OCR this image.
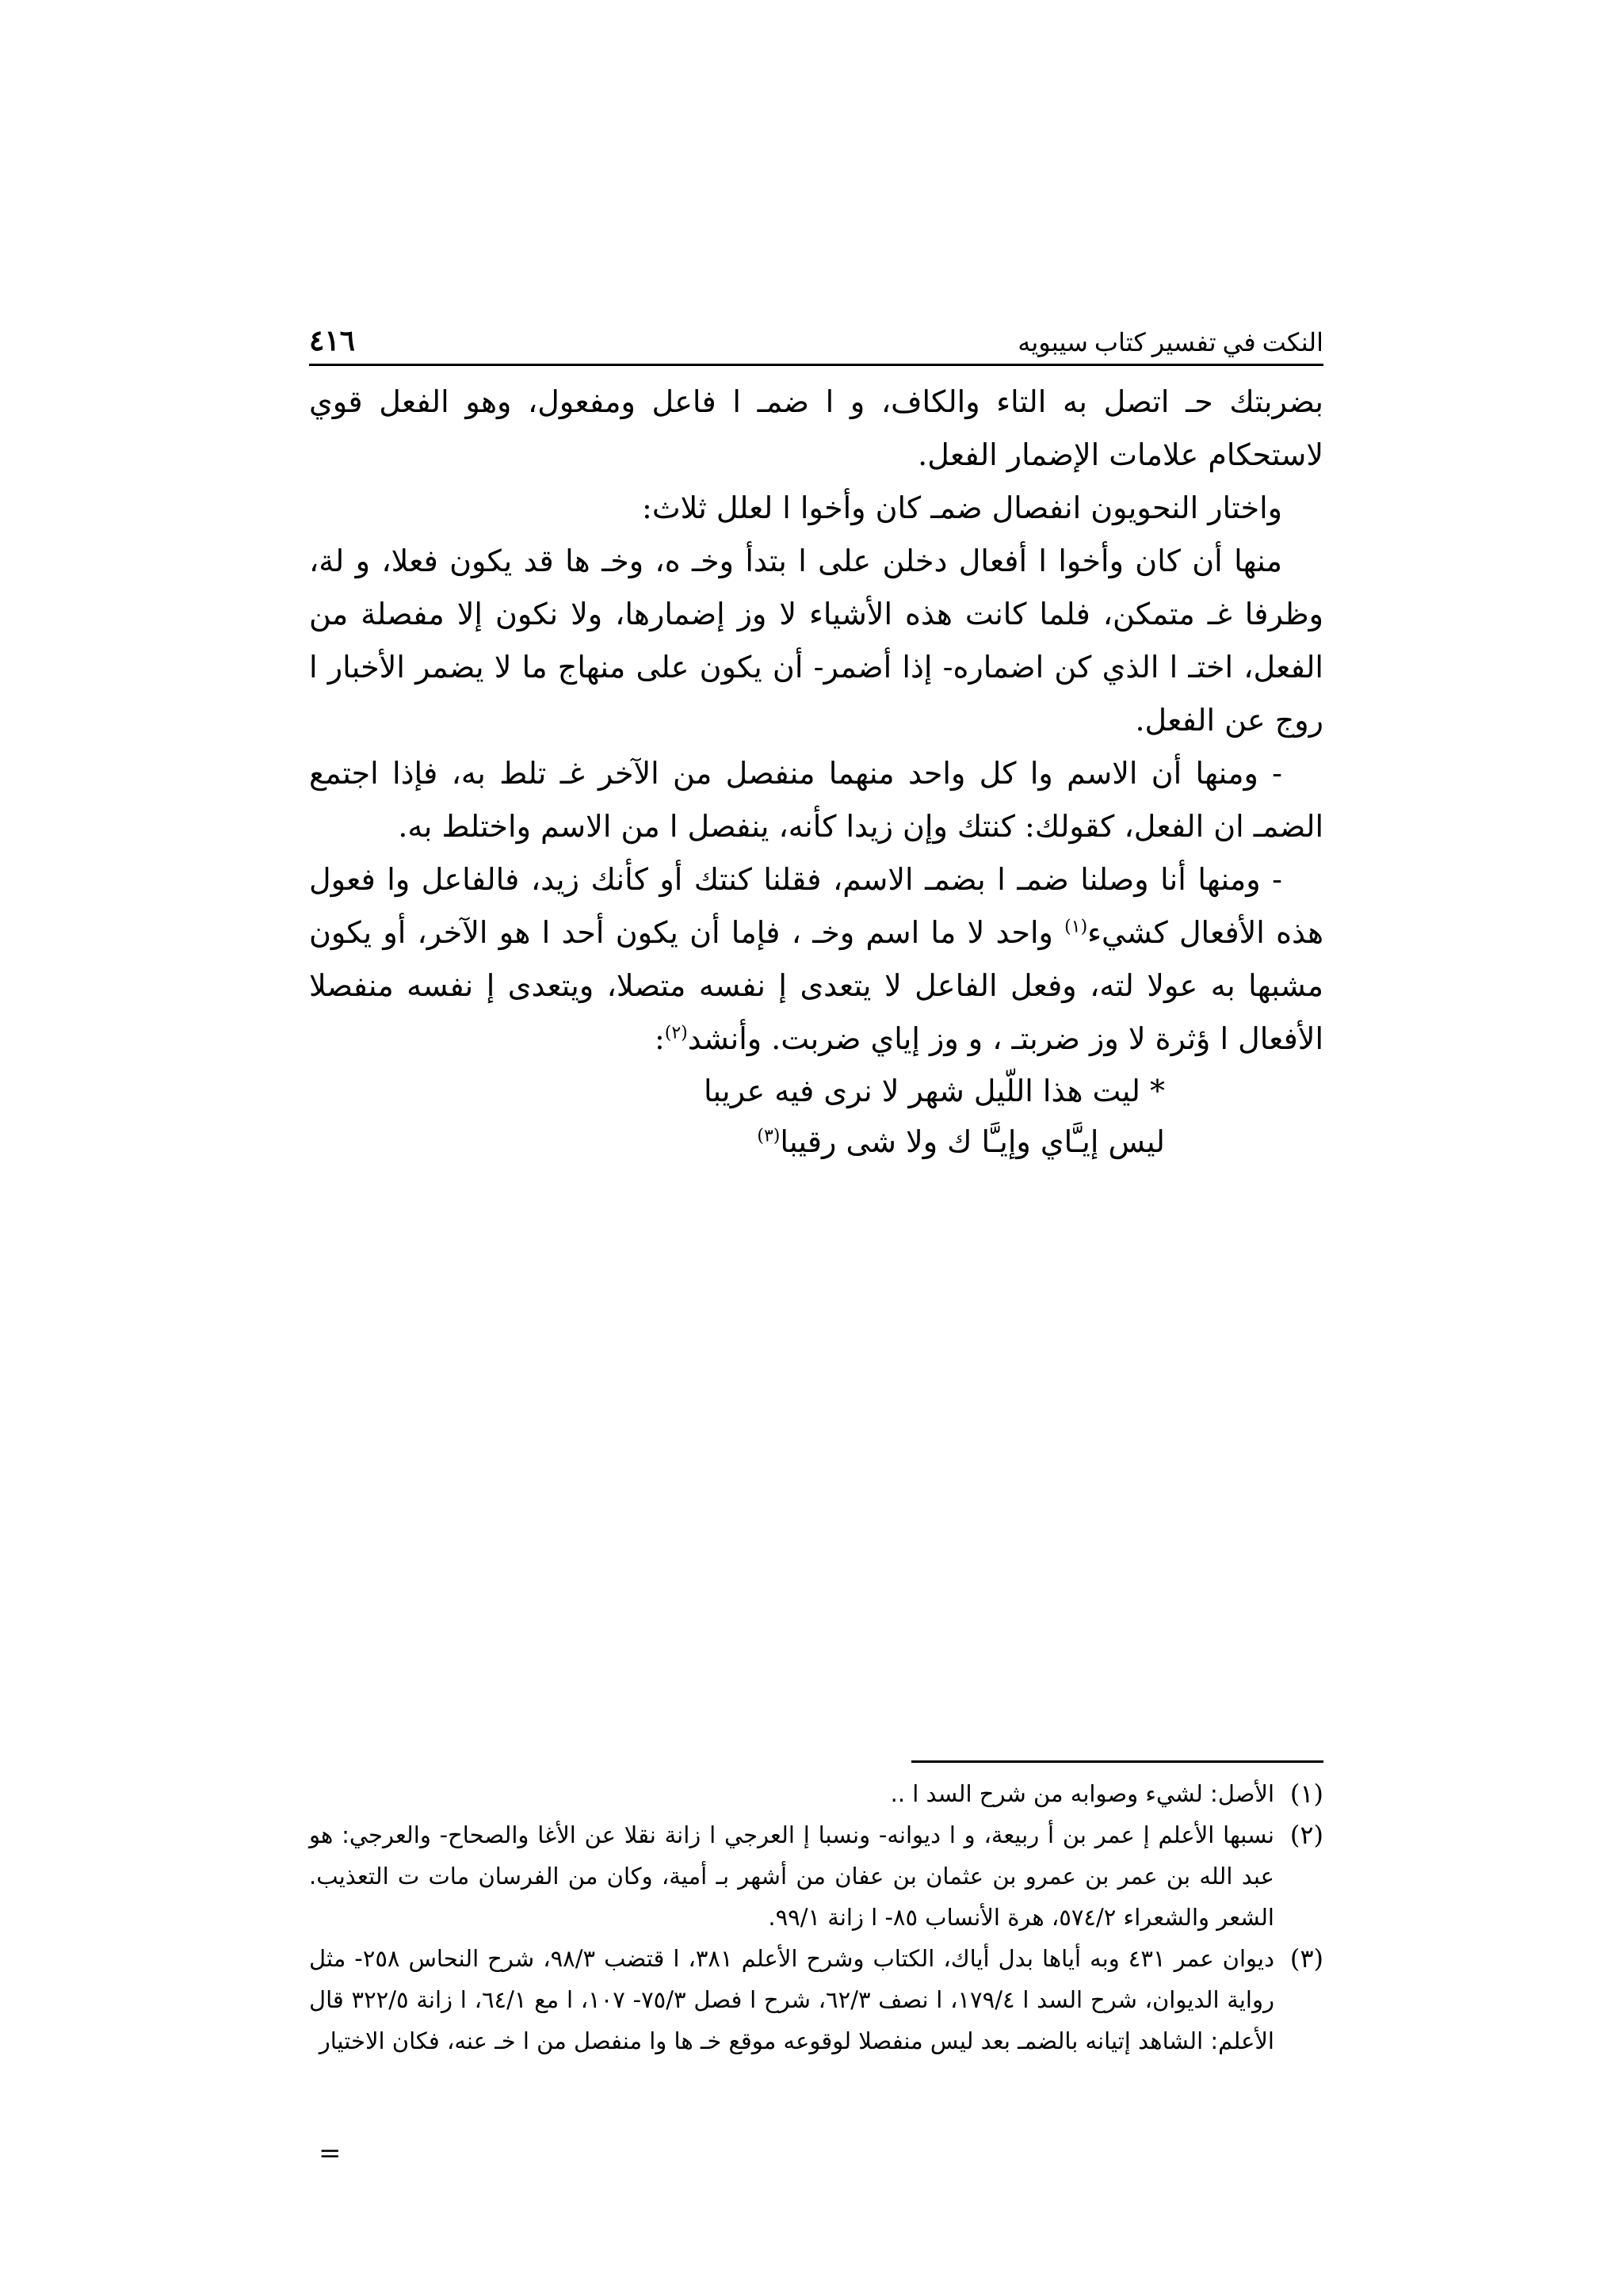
النكت في تفسير كتاب سيبويه
٤١٦

بضربتك حـ اتصل به التاء والكاف، و ا ضمـ ا فاعل ومفعول، وهو الفعل قوي لاستحكام علامات الإضمار الفعل.

واختار النحويون انفصال ضمـ كان وأخوا ا لعلل ثلاث:

منها أن كان وأخوا ا أفعال دخلن على ا بتدأ وخـ ه، وخـ ها قد يكون فعلا، و لة، وظرفا غـ متمكن، فلما كانت هذه الأشياء لا وز إضمارها، ولا نكون إلا مفصلة من الفعل، اختـ ا الذي كن اضماره- إذا أضمر- أن يكون على منهاج ما لا يضمر الأخبار ا روج عن الفعل.

- ومنها أن الاسم وا كل واحد منهما منفصل من الآخر غـ تلط به، فإذا اجتمع الضمـ ان الفعل، كقولك: كنتك وإن زيدا كأنه، ينفصل ا من الاسم واختلط به.

- ومنها أنا وصلنا ضمـ ا بضمـ الاسم، فقلنا كنتك أو كأنك زيد، فالفاعل وا فعول هذه الأفعال كشيء$^{(١)}$ واحد لا ما اسم وخـ ، فإما أن يكون أحد ا هو الآخر، أو يكون مشبها به عولا لته، وفعل الفاعل لا يتعدى إ نفسه متصلا، ويتعدى إ نفسه منفصلا الأفعال ا ؤثرة لا وز ضربتـ ، و وز إياي ضربت. وأنشد$^{(٢)}$:

* ليت هذا اللّيل شهر لا نرى فيه عريبا
ليس إيـَّاي وإيـَّا ك ولا شى رقيبا$^{(٣)}$
(١)
الأصل: لشيء وصوابه من شرح السد ا ..
(٢)
نسبها الأعلم إ عمر بن أ ربيعة، و ا ديوانه- ونسبا إ العرجي ا زانة نقلا عن الأغا والصحاح- والعرجي: هو عبد الله بن عمر بن عمرو بن عثمان بن عفان من أشهر بـ أمية، وكان من الفرسان مات ت التعذيب. الشعر والشعراء ٥٧٤/٢، هرة الأنساب ٨٥- ا زانة ٩٩/١.
(٣)
ديوان عمر ٤٣١ وبه أياها بدل أياك، الكتاب وشرح الأعلم ٣٨١، ا قتضب ٩٨/٣، شرح النحاس ٢٥٨- مثل رواية الديوان، شرح السد ا ١٧٩/٤، ا نصف ٦٢/٣، شرح ا فصل ٧٥/٣- ١٠٧، ا مع ٦٤/١، ا زانة ٣٢٢/٥ قال الأعلم: الشاهد إتيانه بالضمـ بعد ليس منفصلا لوقوعه موقع خـ ها وا منفصل من ا خـ عنه، فكان الاختيار
=
